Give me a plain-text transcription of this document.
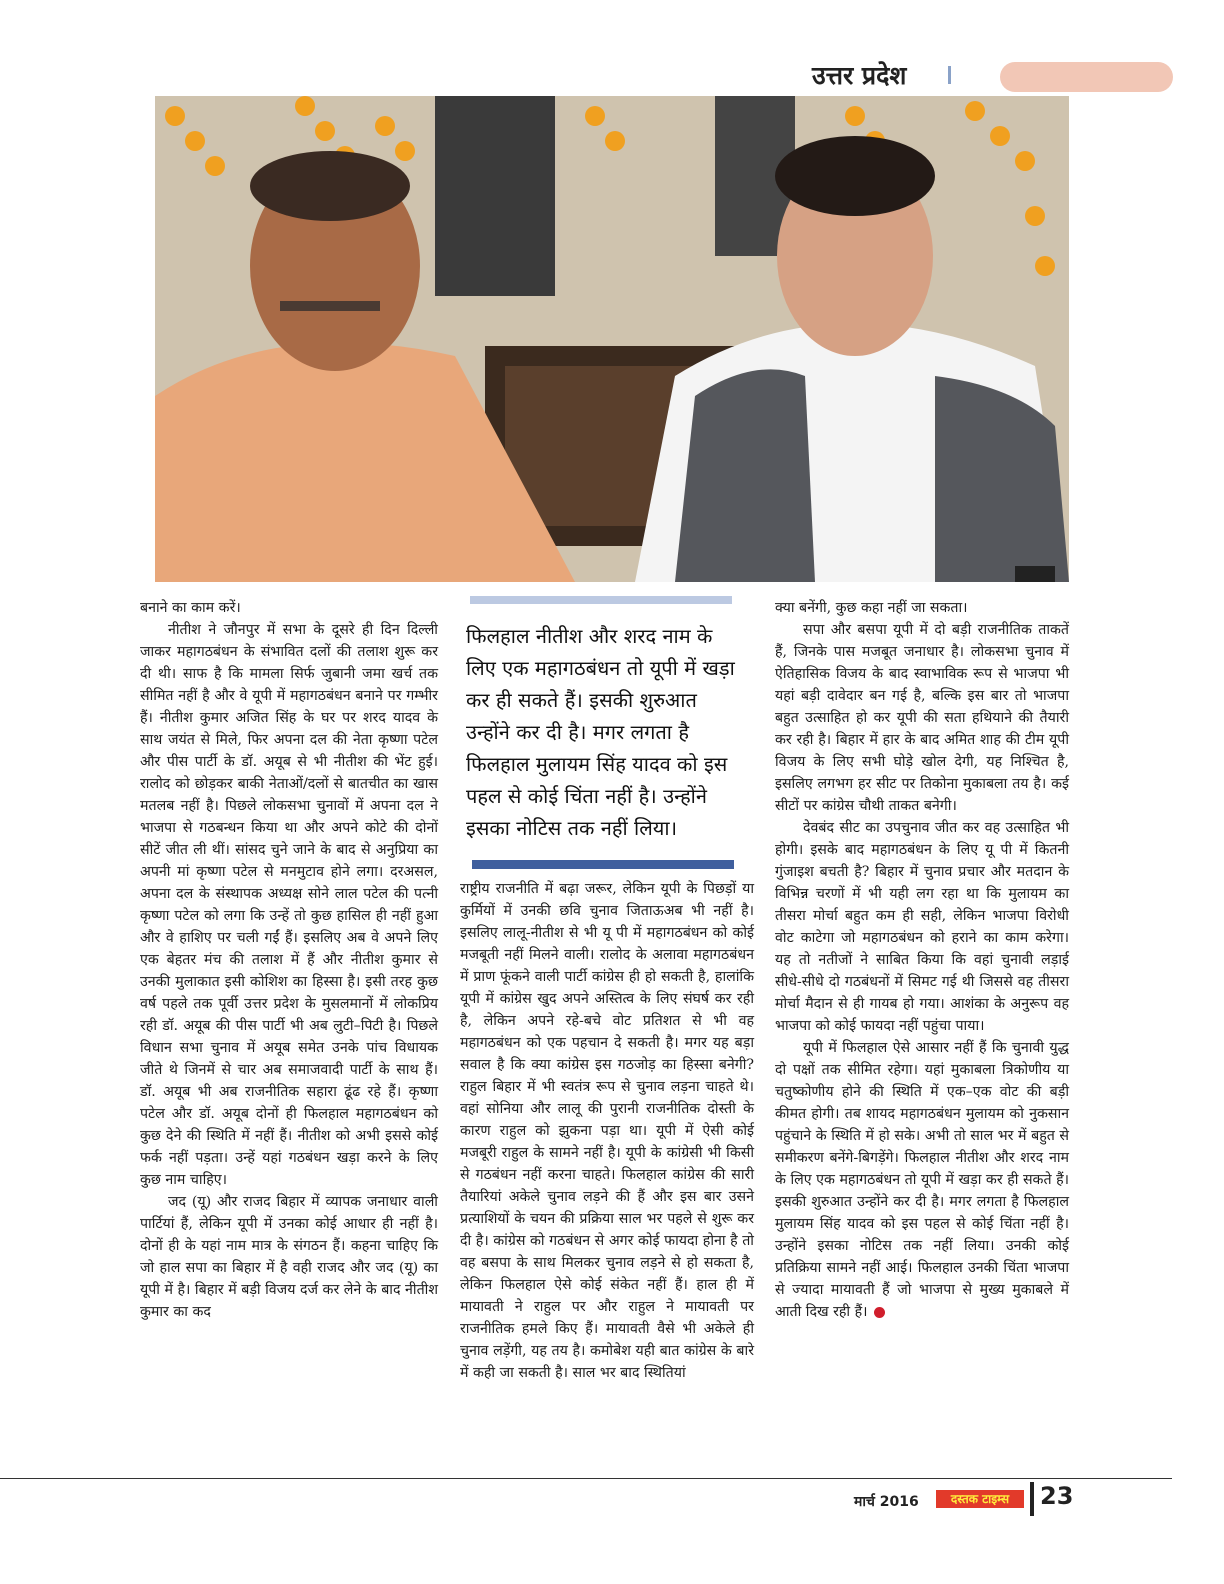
उत्तर प्रदेश

बनाने का काम करें।

नीतीश ने जौनपुर में सभा के दूसरे ही दिन दिल्ली जाकर महागठबंधन के संभावित दलों की तलाश शुरू कर दी थी। साफ है कि मामला सिर्फ जुबानी जमा खर्च तक सीमित नहीं है और वे यूपी में महागठबंधन बनाने पर गम्भीर हैं। नीतीश कुमार अजित सिंह के घर पर शरद यादव के साथ जयंत से मिले, फिर अपना दल की नेता कृष्णा पटेल और पीस पार्टी के डॉ. अयूब से भी नीतीश की भेंट हुई। रालोद को छोड़कर बाकी नेताओं/दलों से बातचीत का खास मतलब नहीं है। पिछले लोकसभा चुनावों में अपना दल ने भाजपा से गठबन्धन किया था और अपने कोटे की दोनों सीटें जीत ली थीं। सांसद चुने जाने के बाद से अनुप्रिया का अपनी मां कृष्णा पटेल से मनमुटाव होने लगा। दरअसल, अपना दल के संस्थापक अध्यक्ष सोने लाल पटेल की पत्नी कृष्णा पटेल को लगा कि उन्हें तो कुछ हासिल ही नहीं हुआ और वे हाशिए पर चली गईं हैं। इसलिए अब वे अपने लिए एक बेहतर मंच की तलाश में हैं और नीतीश कुमार से उनकी मुलाकात इसी कोशिश का हिस्सा है। इसी तरह कुछ वर्ष पहले तक पूर्वी उत्तर प्रदेश के मुसलमानों में लोकप्रिय रही डॉ. अयूब की पीस पार्टी भी अब लुटी–पिटी है। पिछले विधान सभा चुनाव में अयूब समेत उनके पांच विधायक जीते थे जिनमें से चार अब समाजवादी पार्टी के साथ हैं। डॉ. अयूब भी अब राजनीतिक सहारा ढूंढ रहे हैं। कृष्णा पटेल और डॉ. अयूब दोनों ही फिलहाल महागठबंधन को कुछ देने की स्थिति में नहीं हैं। नीतीश को अभी इससे कोई फर्क नहीं पड़ता। उन्हें यहां गठबंधन खड़ा करने के लिए कुछ नाम चाहिए।

जद (यू) और राजद बिहार में व्यापक जनाधार वाली पार्टियां हैं, लेकिन यूपी में उनका कोई आधार ही नहीं है। दोनों ही के यहां नाम मात्र के संगठन हैं। कहना चाहिए कि जो हाल सपा का बिहार में है वही राजद और जद (यू) का यूपी में है। बिहार में बड़ी विजय दर्ज कर लेने के बाद नीतीश कुमार का कद

फिलहाल नीतीश और शरद नाम के लिए एक महागठबंधन तो यूपी में खड़ा कर ही सकते हैं। इसकी शुरुआत उन्होंने कर दी है। मगर लगता है फिलहाल मुलायम सिंह यादव को इस पहल से कोई चिंता नहीं है। उन्होंने इसका नोटिस तक नहीं लिया।

राष्ट्रीय राजनीति में बढ़ा जरूर, लेकिन यूपी के पिछड़ों या कुर्मियों में उनकी छवि चुनाव जिताऊअब भी नहीं है। इसलिए लालू-नीतीश से भी यू पी में महागठबंधन को कोई मजबूती नहीं मिलने वाली। रालोद के अलावा महागठबंधन में प्राण फूंकने वाली पार्टी कांग्रेस ही हो सकती है, हालांकि यूपी में कांग्रेस खुद अपने अस्तित्व के लिए संघर्ष कर रही है, लेकिन अपने रहे-बचे वोट प्रतिशत से भी वह महागठबंधन को एक पहचान दे सकती है। मगर यह बड़ा सवाल है कि क्या कांग्रेस इस गठजोड़ का हिस्सा बनेगी? राहुल बिहार में भी स्वतंत्र रूप से चुनाव लड़ना चाहते थे। वहां सोनिया और लालू की पुरानी राजनीतिक दोस्ती के कारण राहुल को झुकना पड़ा था। यूपी में ऐसी कोई मजबूरी राहुल के सामने नहीं है। यूपी के कांग्रेसी भी किसी से गठबंधन नहीं करना चाहते। फिलहाल कांग्रेस की सारी तैयारियां अकेले चुनाव लड़ने की हैं और इस बार उसने प्रत्याशियों के चयन की प्रक्रिया साल भर पहले से शुरू कर दी है। कांग्रेस को गठबंधन से अगर कोई फायदा होना है तो वह बसपा के साथ मिलकर चुनाव लड़ने से हो सकता है, लेकिन फिलहाल ऐसे कोई संकेत नहीं हैं। हाल ही में मायावती ने राहुल पर और राहुल ने मायावती पर राजनीतिक हमले किए हैं। मायावती वैसे भी अकेले ही चुनाव लड़ेंगी, यह तय है। कमोबेश यही बात कांग्रेस के बारे में कही जा सकती है। साल भर बाद स्थितियां

क्या बनेंगी, कुछ कहा नहीं जा सकता।

सपा और बसपा यूपी में दो बड़ी राजनीतिक ताकतें हैं, जिनके पास मजबूत जनाधार है। लोकसभा चुनाव में ऐतिहासिक विजय के बाद स्वाभाविक रूप से भाजपा भी यहां बड़ी दावेदार बन गई है, बल्कि इस बार तो भाजपा बहुत उत्साहित हो कर यूपी की सता हथियाने की तैयारी कर रही है। बिहार में हार के बाद अमित शाह की टीम यूपी विजय के लिए सभी घोड़े खोल देगी, यह निश्चित है, इसलिए लगभग हर सीट पर तिकोना मुकाबला तय है। कई सीटों पर कांग्रेस चौथी ताकत बनेगी।

देवबंद सीट का उपचुनाव जीत कर वह उत्साहित भी होगी। इसके बाद महागठबंधन के लिए यू पी में कितनी गुंजाइश बचती है? बिहार में चुनाव प्रचार और मतदान के विभिन्न चरणों में भी यही लग रहा था कि मुलायम का तीसरा मोर्चा बहुत कम ही सही, लेकिन भाजपा विरोधी वोट काटेगा जो महागठबंधन को हराने का काम करेगा। यह तो नतीजों ने साबित किया कि वहां चुनावी लड़ाई सीधे-सीधे दो गठबंधनों में सिमट गई थी जिससे वह तीसरा मोर्चा मैदान से ही गायब हो गया। आशंका के अनुरूप वह भाजपा को कोई फायदा नहीं पहुंचा पाया।

यूपी में फिलहाल ऐसे आसार नहीं हैं कि चुनावी युद्ध दो पक्षों तक सीमित रहेगा। यहां मुकाबला त्रिकोणीय या चतुष्कोणीय होने की स्थिति में एक–एक वोट की बड़ी कीमत होगी। तब शायद महागठबंधन मुलायम को नुकसान पहुंचाने के स्थिति में हो सके। अभी तो साल भर में बहुत से समीकरण बनेंगे-बिगड़ेंगे। फिलहाल नीतीश और शरद नाम के लिए एक महागठबंधन तो यूपी में खड़ा कर ही सकते हैं। इसकी शुरुआत उन्होंने कर दी है। मगर लगता है फिलहाल मुलायम सिंह यादव को इस पहल से कोई चिंता नहीं है। उन्होंने इसका नोटिस तक नहीं लिया। उनकी कोई प्रतिक्रिया सामने नहीं आई। फिलहाल उनकी चिंता भाजपा से ज्यादा मायावती हैं जो भाजपा से मुख्य मुकाबले में आती दिख रही हैं।

मार्च 2016	दस्तक टाइम्स	23
